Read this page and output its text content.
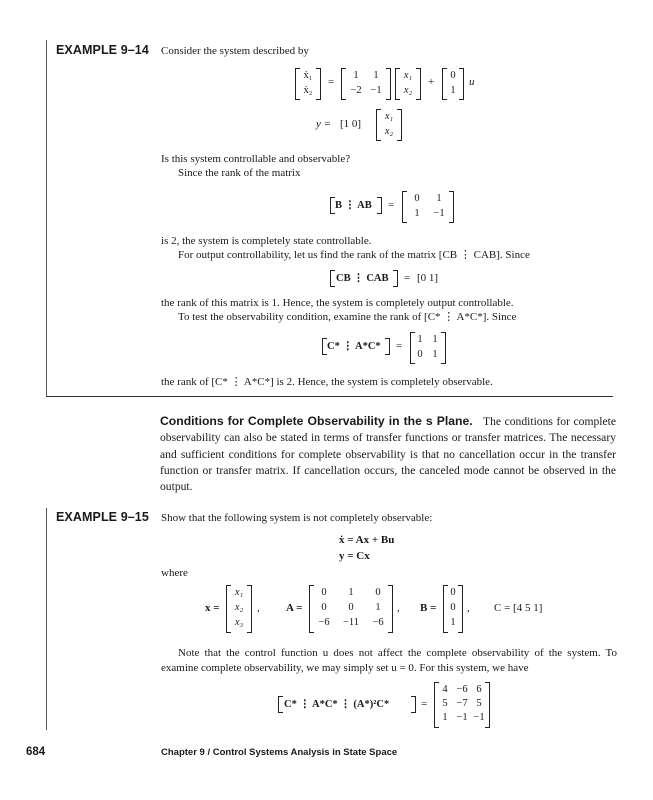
EXAMPLE 9–14 Consider the system described by
ẋ₁
ẋ₂
=
1	1
−2 −1
x₁
x₂
+
0
1
u
y = [1 0]
x₁
x₂
Is this system controllable and observable?
Since the rank of the matrix
B ⋮ AB =
0	1
1	−1
is 2, the system is completely state controllable.
For output controllability, let us find the rank of the matrix [CB ⋮ CAB]. Since
CB ⋮ CAB = [0 1]
the rank of this matrix is 1. Hence, the system is completely output controllable.
To test the observability condition, examine the rank of [C* ⋮ A*C*]. Since
C* ⋮ A*C* =
1 1
0 1
the rank of [C* ⋮ A*C*] is 2. Hence, the system is completely observable.
Conditions for Complete Observability in the s Plane. The conditions for complete observability can also be stated in terms of transfer functions or transfer matrices. The necessary and sufficient conditions for complete observability is that no cancellation occur in the transfer function or transfer matrix. If cancellation occurs, the canceled mode cannot be observed in the output.
EXAMPLE 9–15 Show that the following system is not completely observable:
ẋ = Ax + Bu
y = Cx
where
x =
x₁
x₂
x₃
, A =
0	1	0
0	0	1
−6	−11	−6
, B =
0
0
1
, C = [4 5 1]
Note that the control function u does not affect the complete observability of the system. To examine complete observability, we may simply set u = 0. For this system, we have
C* ⋮ A*C* ⋮ (A*)²C*	=
4 −6 6
5 −7 5
1 −1 −1
684	Chapter 9 / Control Systems Analysis in State Space
